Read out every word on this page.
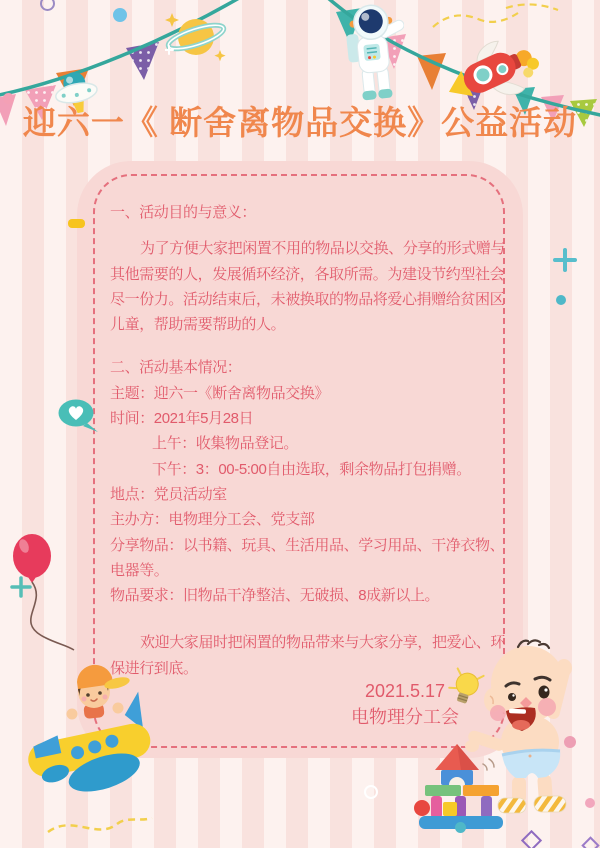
迎六一《 断舍离物品交换》公益活动
一、活动目的与意义：

为了方便大家把闲置不用的物品以交换、分享的形式赠与其他需要的人，发展循环经济，各取所需。为建设节约型社会尽一份力。活动结束后，未被换取的物品将爱心捐赠给贫困区儿童，帮助需要帮助的人。

二、活动基本情况：
主题：迎六一《断舍离物品交换》
时间：2021年5月28日
上午：收集物品登记。
下午：3：00-5:00自由选取，剩余物品打包捐赠。
地点：党员活动室
主办方：电物理分工会、党支部
分享物品：以书籍、玩具、生活用品、学习用品、干净衣物、电器等。
物品要求：旧物品干净整洁、无破损、8成新以上。

欢迎大家届时把闲置的物品带来与大家分享，把爱心、环保进行到底。

2021.5.17
电物理分工会
